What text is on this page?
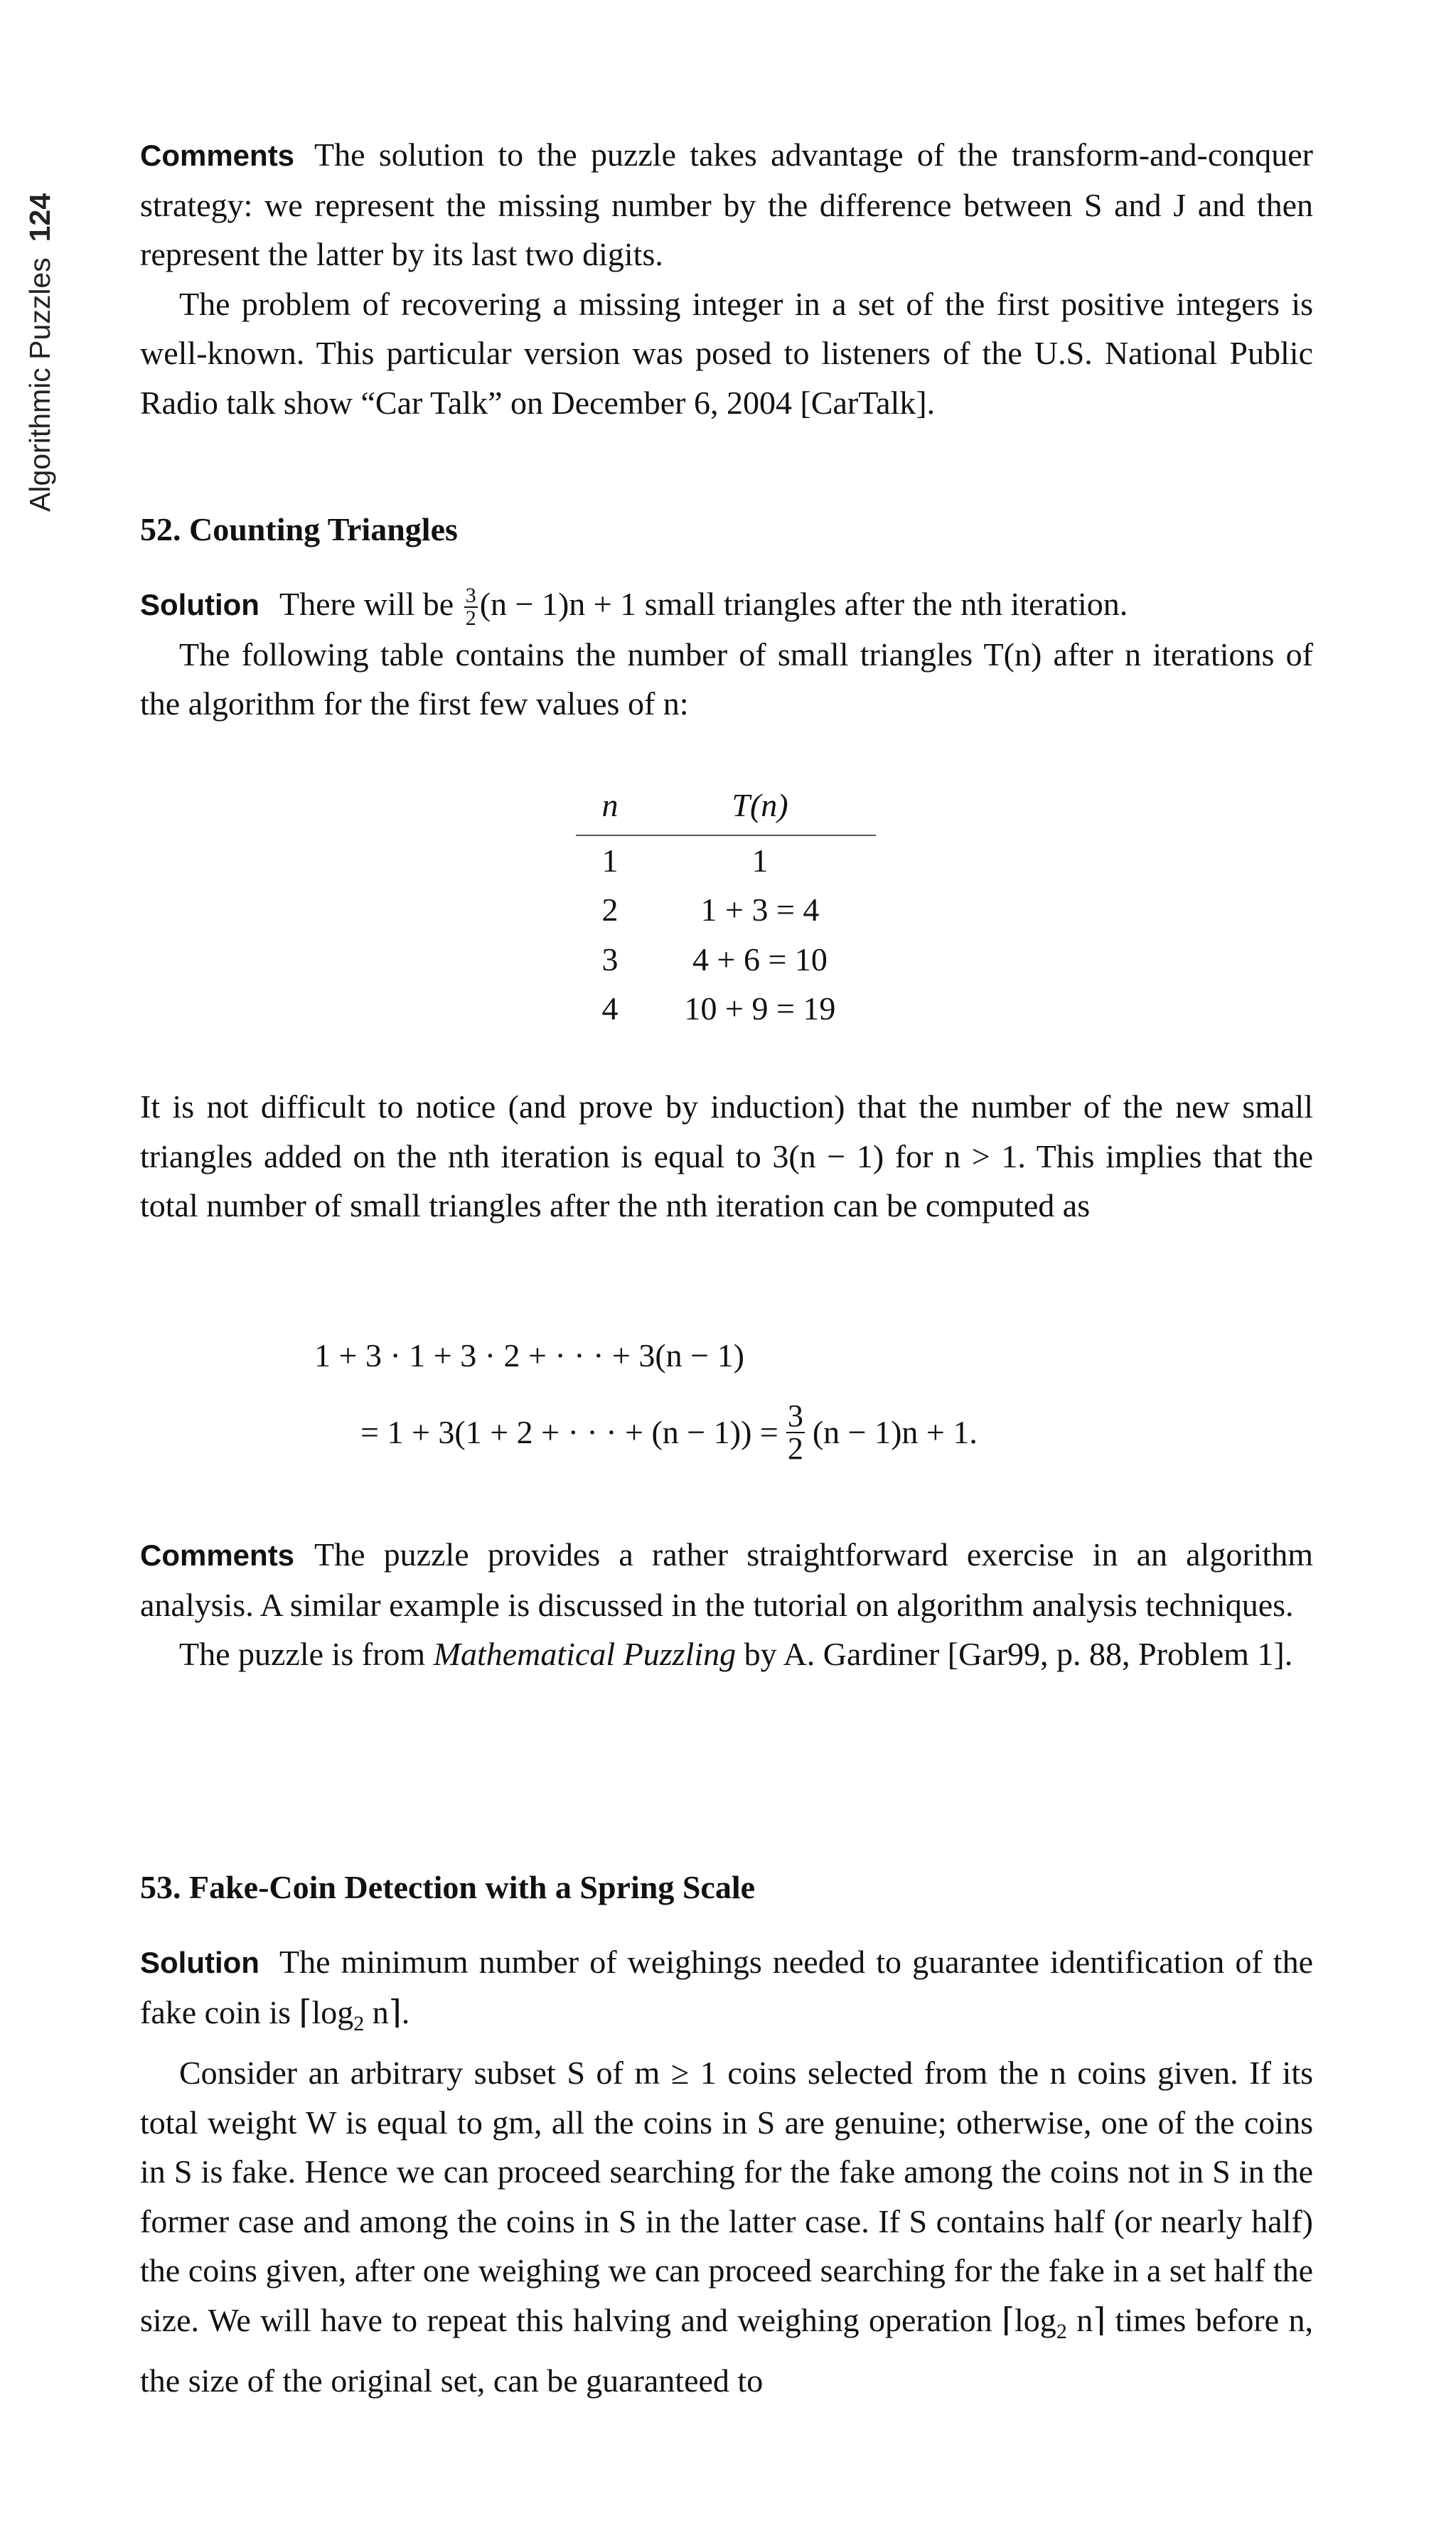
Algorithmic Puzzles
124

Comments The solution to the puzzle takes advantage of the transform-and-conquer strategy: we represent the missing number by the difference between S and J and then represent the latter by its last two digits.

The problem of recovering a missing integer in a set of the first positive integers is well-known. This particular version was posed to listeners of the U.S. National Public Radio talk show “Car Talk” on December 6, 2004 [CarTalk].

52. Counting Triangles

Solution There will be $\frac{3}{2} (n - 1)n + 1$ small triangles after the nth iteration.

The following table contains the number of small triangles T(n) after n iterations of the algorithm for the first few values of n:

n	T(n)
1	1
2	1 + 3 = 4
3	4 + 6 = 10
4	10 + 9 = 19

It is not difficult to notice (and prove by induction) that the number of the new small triangles added on the nth iteration is equal to 3(n − 1) for n > 1. This implies that the total number of small triangles after the nth iteration can be computed as

1 + 3 · 1 + 3 · 2 + · · · + 3(n − 1)
= 1 + 3(1 + 2 + · · · + $(n - 1)) = \frac{3}{2} (n - 1)n + 1$.

Comments The puzzle provides a rather straightforward exercise in an algorithm analysis. A similar example is discussed in the tutorial on algorithm analysis techniques.

The puzzle is from Mathematical Puzzling by A. Gardiner [Gar99, p. 88, Problem 1].

53. Fake-Coin Detection with a Spring Scale

Solution The minimum number of weighings needed to guarantee identification of the fake coin is $⌈\log_2$ n⌉.

Consider an arbitrary subset S of m ≥ 1 coins selected from the n coins given. If its total weight W is equal to gm, all the coins in S are genuine; otherwise, one of the coins in S is fake. Hence we can proceed searching for the fake among the coins not in S in the former case and among the coins in S in the latter case. If S contains half (or nearly half) the coins given, after one weighing we can proceed searching for the fake in a set half the size. We will have to repeat this halving and weighing operation $⌈\log_2$ n⌉ times before n, the size of the original set, can be guaranteed to
